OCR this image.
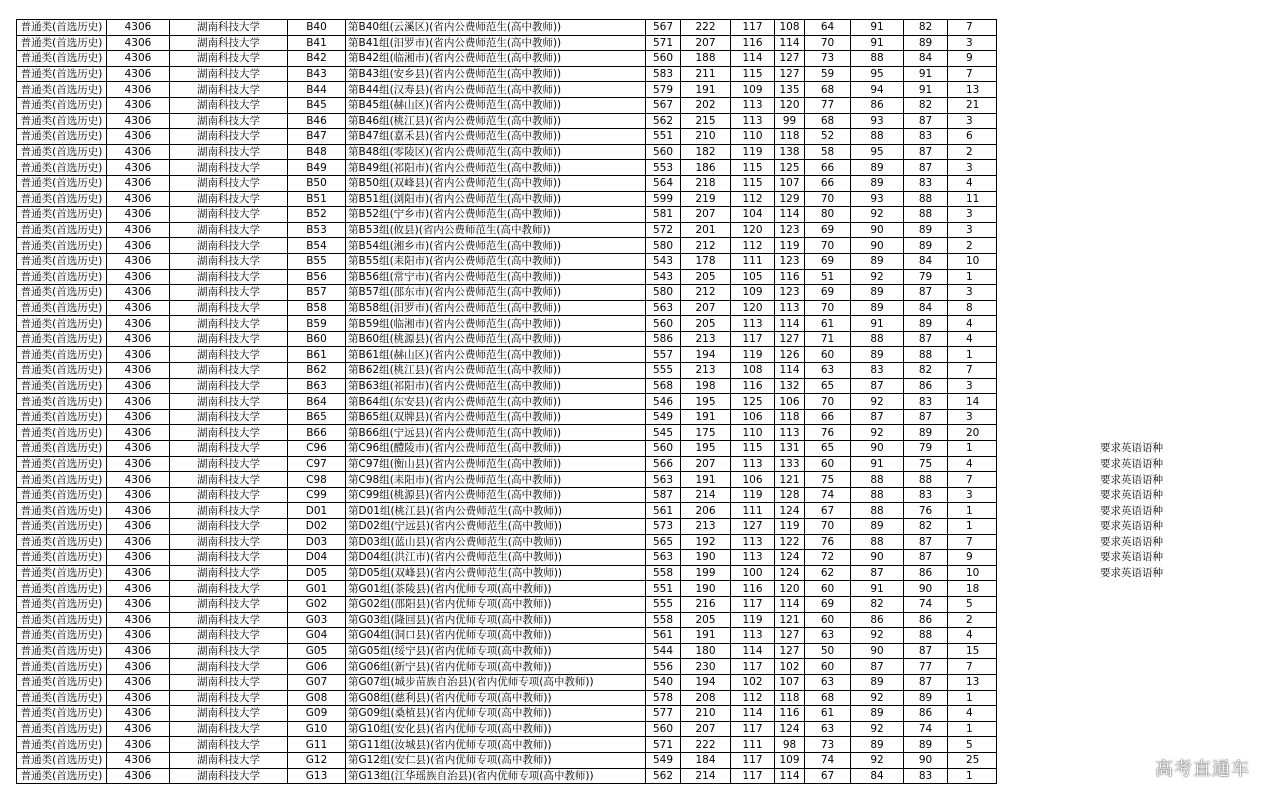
普通类(首选历史)	4306	湖南科技大学	B40	第B40组(云溪区)(省内公费师范生(高中教师))	567	222	117	108	64	91	82	7	
普通类(首选历史)	4306	湖南科技大学	B41	第B41组(汨罗市)(省内公费师范生(高中教师))	571	207	116	114	70	91	89	3	
普通类(首选历史)	4306	湖南科技大学	B42	第B42组(临湘市)(省内公费师范生(高中教师))	560	188	114	127	73	88	84	9	
普通类(首选历史)	4306	湖南科技大学	B43	第B43组(安乡县)(省内公费师范生(高中教师))	583	211	115	127	59	95	91	7	
普通类(首选历史)	4306	湖南科技大学	B44	第B44组(汉寿县)(省内公费师范生(高中教师))	579	191	109	135	68	94	91	13	
普通类(首选历史)	4306	湖南科技大学	B45	第B45组(赫山区)(省内公费师范生(高中教师))	567	202	113	120	77	86	82	21	
普通类(首选历史)	4306	湖南科技大学	B46	第B46组(桃江县)(省内公费师范生(高中教师))	562	215	113	99	68	93	87	3	
普通类(首选历史)	4306	湖南科技大学	B47	第B47组(嘉禾县)(省内公费师范生(高中教师))	551	210	110	118	52	88	83	6	
普通类(首选历史)	4306	湖南科技大学	B48	第B48组(零陵区)(省内公费师范生(高中教师))	560	182	119	138	58	95	87	2	
普通类(首选历史)	4306	湖南科技大学	B49	第B49组(祁阳市)(省内公费师范生(高中教师))	553	186	115	125	66	89	87	3	
普通类(首选历史)	4306	湖南科技大学	B50	第B50组(双峰县)(省内公费师范生(高中教师))	564	218	115	107	66	89	83	4	
普通类(首选历史)	4306	湖南科技大学	B51	第B51组(浏阳市)(省内公费师范生(高中教师))	599	219	112	129	70	93	88	11	
普通类(首选历史)	4306	湖南科技大学	B52	第B52组(宁乡市)(省内公费师范生(高中教师))	581	207	104	114	80	92	88	3	
普通类(首选历史)	4306	湖南科技大学	B53	第B53组(攸县)(省内公费师范生(高中教师))	572	201	120	123	69	90	89	3	
普通类(首选历史)	4306	湖南科技大学	B54	第B54组(湘乡市)(省内公费师范生(高中教师))	580	212	112	119	70	90	89	2	
普通类(首选历史)	4306	湖南科技大学	B55	第B55组(耒阳市)(省内公费师范生(高中教师))	543	178	111	123	69	89	84	10	
普通类(首选历史)	4306	湖南科技大学	B56	第B56组(常宁市)(省内公费师范生(高中教师))	543	205	105	116	51	92	79	1	
普通类(首选历史)	4306	湖南科技大学	B57	第B57组(邵东市)(省内公费师范生(高中教师))	580	212	109	123	69	89	87	3	
普通类(首选历史)	4306	湖南科技大学	B58	第B58组(汨罗市)(省内公费师范生(高中教师))	563	207	120	113	70	89	84	8	
普通类(首选历史)	4306	湖南科技大学	B59	第B59组(临湘市)(省内公费师范生(高中教师))	560	205	113	114	61	91	89	4	
普通类(首选历史)	4306	湖南科技大学	B60	第B60组(桃源县)(省内公费师范生(高中教师))	586	213	117	127	71	88	87	4	
普通类(首选历史)	4306	湖南科技大学	B61	第B61组(赫山区)(省内公费师范生(高中教师))	557	194	119	126	60	89	88	1	
普通类(首选历史)	4306	湖南科技大学	B62	第B62组(桃江县)(省内公费师范生(高中教师))	555	213	108	114	63	83	82	7	
普通类(首选历史)	4306	湖南科技大学	B63	第B63组(祁阳市)(省内公费师范生(高中教师))	568	198	116	132	65	87	86	3	
普通类(首选历史)	4306	湖南科技大学	B64	第B64组(东安县)(省内公费师范生(高中教师))	546	195	125	106	70	92	83	14	
普通类(首选历史)	4306	湖南科技大学	B65	第B65组(双牌县)(省内公费师范生(高中教师))	549	191	106	118	66	87	87	3	
普通类(首选历史)	4306	湖南科技大学	B66	第B66组(宁远县)(省内公费师范生(高中教师))	545	175	110	113	76	92	89	20	
普通类(首选历史)	4306	湖南科技大学	C96	第C96组(醴陵市)(省内公费师范生(高中教师))	560	195	115	131	65	90	79	1	要求英语语种
普通类(首选历史)	4306	湖南科技大学	C97	第C97组(衡山县)(省内公费师范生(高中教师))	566	207	113	133	60	91	75	4	要求英语语种
普通类(首选历史)	4306	湖南科技大学	C98	第C98组(耒阳市)(省内公费师范生(高中教师))	563	191	106	121	75	88	88	7	要求英语语种
普通类(首选历史)	4306	湖南科技大学	C99	第C99组(桃源县)(省内公费师范生(高中教师))	587	214	119	128	74	88	83	3	要求英语语种
普通类(首选历史)	4306	湖南科技大学	D01	第D01组(桃江县)(省内公费师范生(高中教师))	561	206	111	124	67	88	76	1	要求英语语种
普通类(首选历史)	4306	湖南科技大学	D02	第D02组(宁远县)(省内公费师范生(高中教师))	573	213	127	119	70	89	82	1	要求英语语种
普通类(首选历史)	4306	湖南科技大学	D03	第D03组(蓝山县)(省内公费师范生(高中教师))	565	192	113	122	76	88	87	7	要求英语语种
普通类(首选历史)	4306	湖南科技大学	D04	第D04组(洪江市)(省内公费师范生(高中教师))	563	190	113	124	72	90	87	9	要求英语语种
普通类(首选历史)	4306	湖南科技大学	D05	第D05组(双峰县)(省内公费师范生(高中教师))	558	199	100	124	62	87	86	10	要求英语语种
普通类(首选历史)	4306	湖南科技大学	G01	第G01组(茶陵县)(省内优师专项(高中教师))	551	190	116	120	60	91	90	18	
普通类(首选历史)	4306	湖南科技大学	G02	第G02组(邵阳县)(省内优师专项(高中教师))	555	216	117	114	69	82	74	5	
普通类(首选历史)	4306	湖南科技大学	G03	第G03组(隆回县)(省内优师专项(高中教师))	558	205	119	121	60	86	86	2	
普通类(首选历史)	4306	湖南科技大学	G04	第G04组(洞口县)(省内优师专项(高中教师))	561	191	113	127	63	92	88	4	
普通类(首选历史)	4306	湖南科技大学	G05	第G05组(绥宁县)(省内优师专项(高中教师))	544	180	114	127	50	90	87	15	
普通类(首选历史)	4306	湖南科技大学	G06	第G06组(新宁县)(省内优师专项(高中教师))	556	230	117	102	60	87	77	7	
普通类(首选历史)	4306	湖南科技大学	G07	第G07组(城步苗族自治县)(省内优师专项(高中教师))	540	194	102	107	63	89	87	13	
普通类(首选历史)	4306	湖南科技大学	G08	第G08组(慈利县)(省内优师专项(高中教师))	578	208	112	118	68	92	89	1	
普通类(首选历史)	4306	湖南科技大学	G09	第G09组(桑植县)(省内优师专项(高中教师))	577	210	114	116	61	89	86	4	
普通类(首选历史)	4306	湖南科技大学	G10	第G10组(安化县)(省内优师专项(高中教师))	560	207	117	124	63	92	74	1	
普通类(首选历史)	4306	湖南科技大学	G11	第G11组(汝城县)(省内优师专项(高中教师))	571	222	111	98	73	89	89	5	
普通类(首选历史)	4306	湖南科技大学	G12	第G12组(安仁县)(省内优师专项(高中教师))	549	184	117	109	74	92	90	25	
普通类(首选历史)	4306	湖南科技大学	G13	第G13组(江华瑶族自治县)(省内优师专项(高中教师))	562	214	117	114	67	84	83	1		高考直通车
